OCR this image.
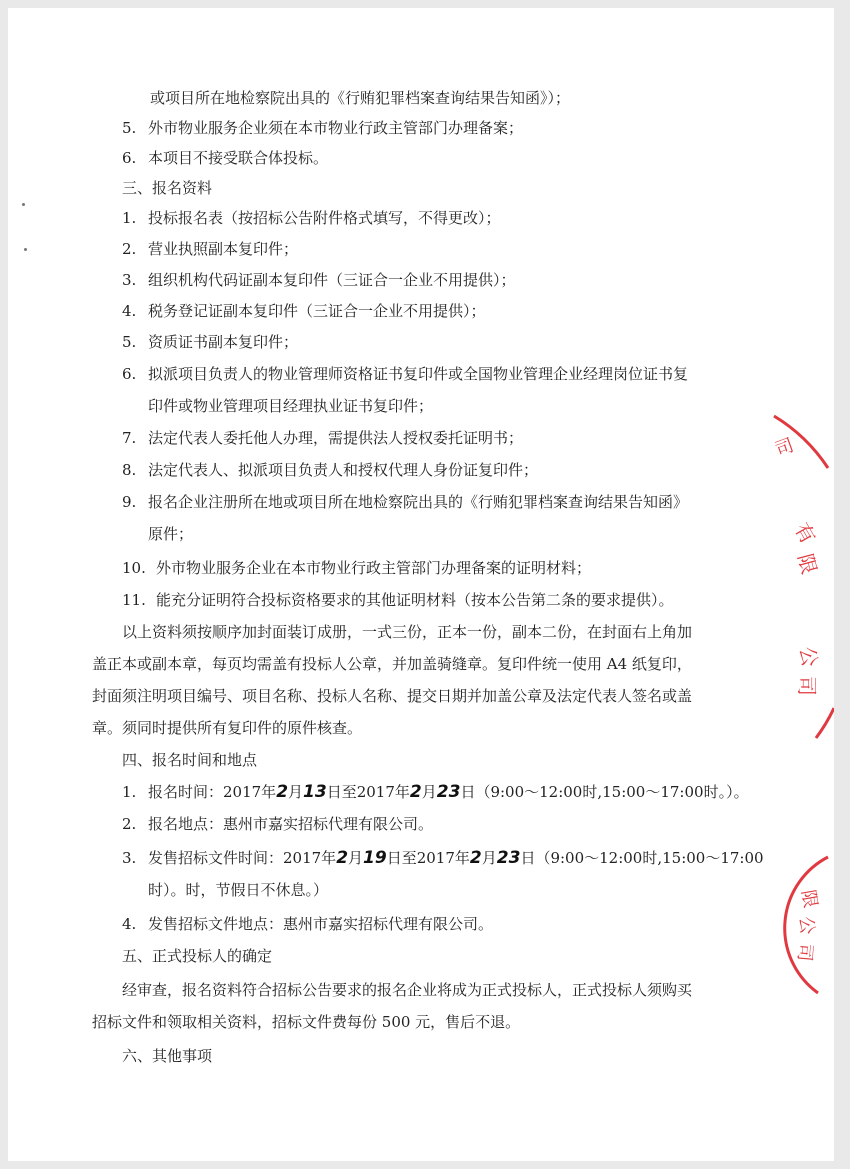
或项目所在地检察院出具的《行贿犯罪档案查询结果告知函》）；
5. 外市物业服务企业须在本市物业行政主管部门办理备案；
6. 本项目不接受联合体投标。
三、报名资料
1. 投标报名表（按招标公告附件格式填写，不得更改）；
2. 营业执照副本复印件；
3. 组织机构代码证副本复印件（三证合一企业不用提供）；
4. 税务登记证副本复印件（三证合一企业不用提供）；
5. 资质证书副本复印件；
6. 拟派项目负责人的物业管理师资格证书复印件或全国物业管理企业经理岗位证书复
印件或物业管理项目经理执业证书复印件；
7. 法定代表人委托他人办理，需提供法人授权委托证明书；
8. 法定代表人、拟派项目负责人和授权代理人身份证复印件；
9. 报名企业注册所在地或项目所在地检察院出具的《行贿犯罪档案查询结果告知函》
原件；
10. 外市物业服务企业在本市物业行政主管部门办理备案的证明材料；
11. 能充分证明符合投标资格要求的其他证明材料（按本公告第二条的要求提供）。
以上资料须按顺序加封面装订成册，一式三份，正本一份，副本二份，在封面右上角加
盖正本或副本章，每页均需盖有投标人公章，并加盖骑缝章。复印件统一使用 A4 纸复印，
封面须注明项目编号、项目名称、投标人名称、提交日期并加盖公章及法定代表人签名或盖
章。须同时提供所有复印件的原件核查。
四、报名时间和地点
1. 报名时间：2017年2月13日至2017年2月23日（9:00～12:00时,15:00～17:00时。）。
2. 报名地点：惠州市嘉实招标代理有限公司。
3. 发售招标文件时间：2017年2月19日至2017年2月23日（9:00～12:00时,15:00～17:00
时）。时，节假日不休息。）
4. 发售招标文件地点：惠州市嘉实招标代理有限公司。
五、正式投标人的确定
经审查，报名资料符合招标公告要求的报名企业将成为正式投标人，正式投标人须购买
招标文件和领取相关资料，招标文件费每份 500 元，售后不退。
六、其他事项
司
有
限
公
司
限
公
司
